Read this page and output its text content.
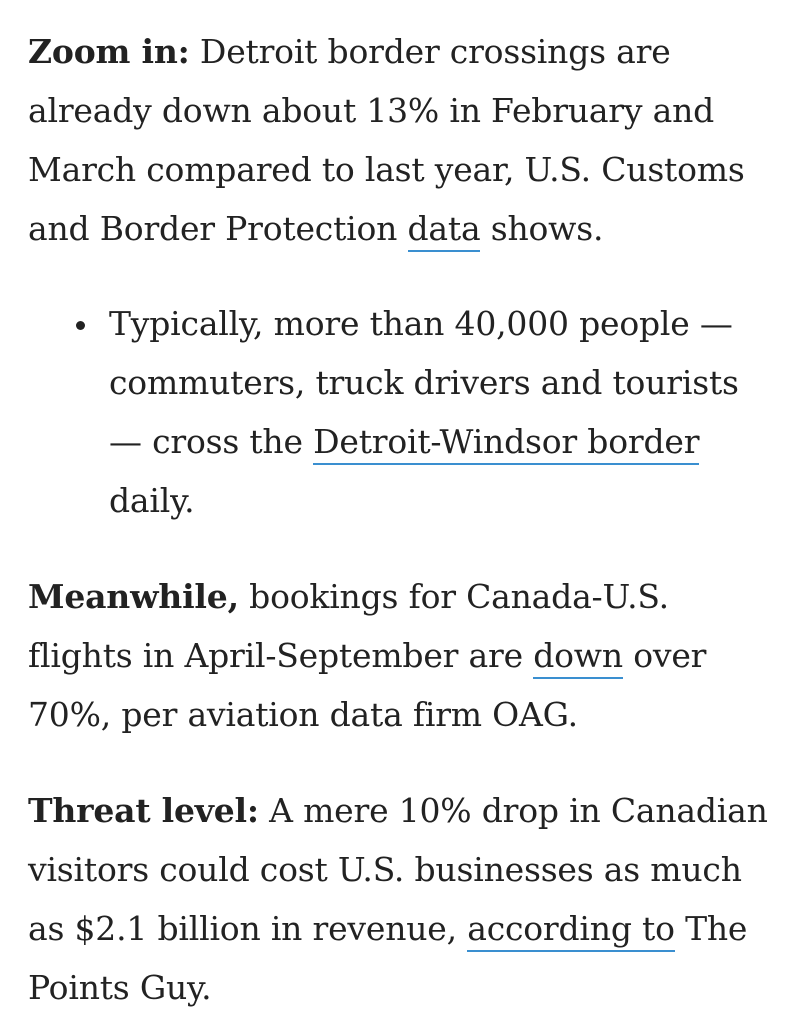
Zoom in: Detroit border crossings are already down about 13% in February and March compared to last year, U.S. Customs and Border Protection data shows.

Typically, more than 40,000 people — commuters, truck drivers and tourists — cross the Detroit-Windsor border daily.

Meanwhile, bookings for Canada-U.S. flights in April-September are down over 70%, per aviation data firm OAG.

Threat level: A mere 10% drop in Canadian visitors could cost U.S. businesses as much as $2.1 billion in revenue, according to The Points Guy.
